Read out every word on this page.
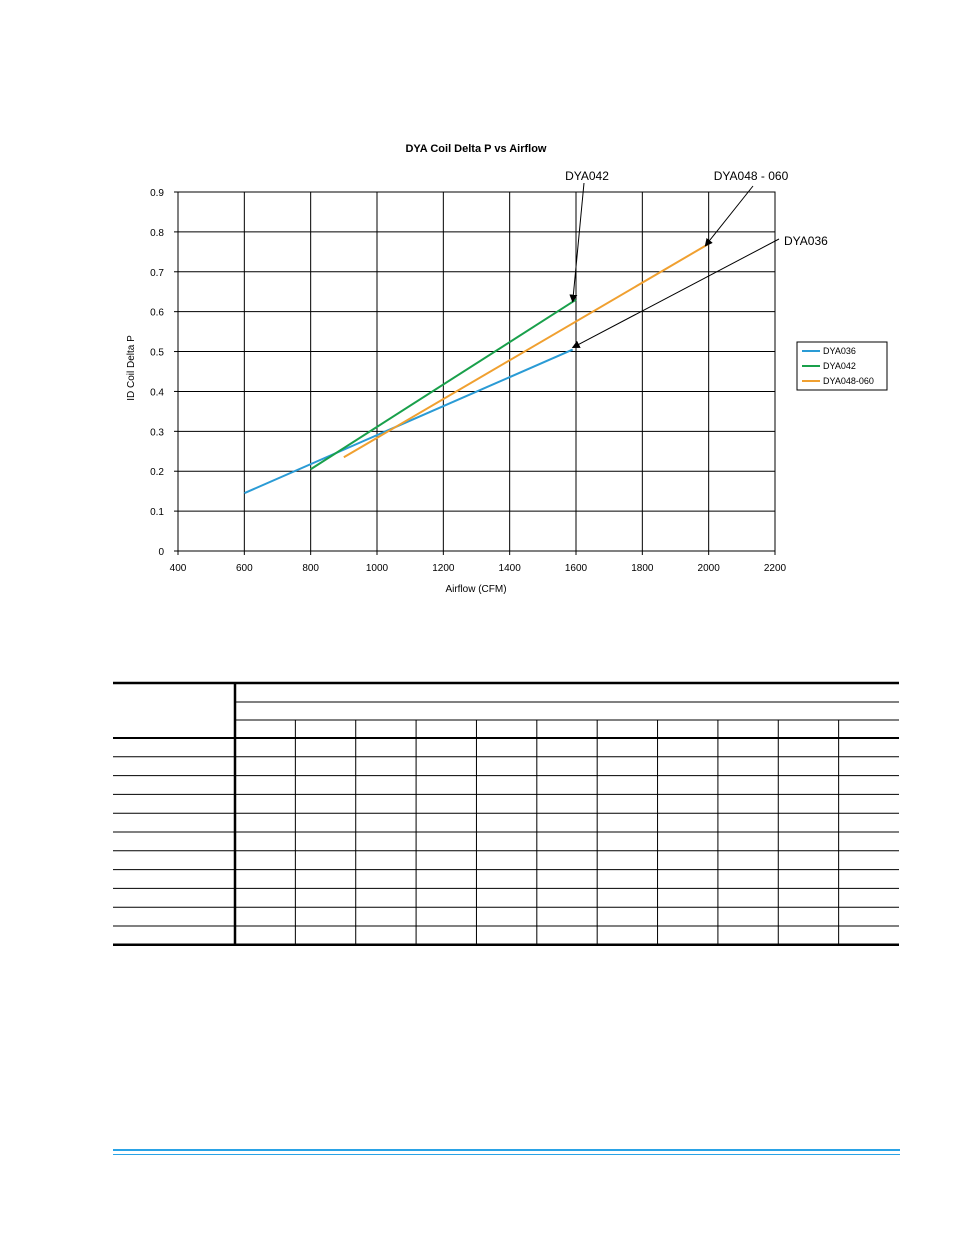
DYA Coil Delta P vs Airflow
400	600	800	1000	1200	1400	1600	1800	2000	2200
0
0.1
0.2
0.3
0.4
0.5
0.6
0.7
0.8
0.9
Airflow (CFM)
ID Coil Delta P
DYA042	DYA048 - 060
DYA036
DYA036
DYA042
DYA048-060
